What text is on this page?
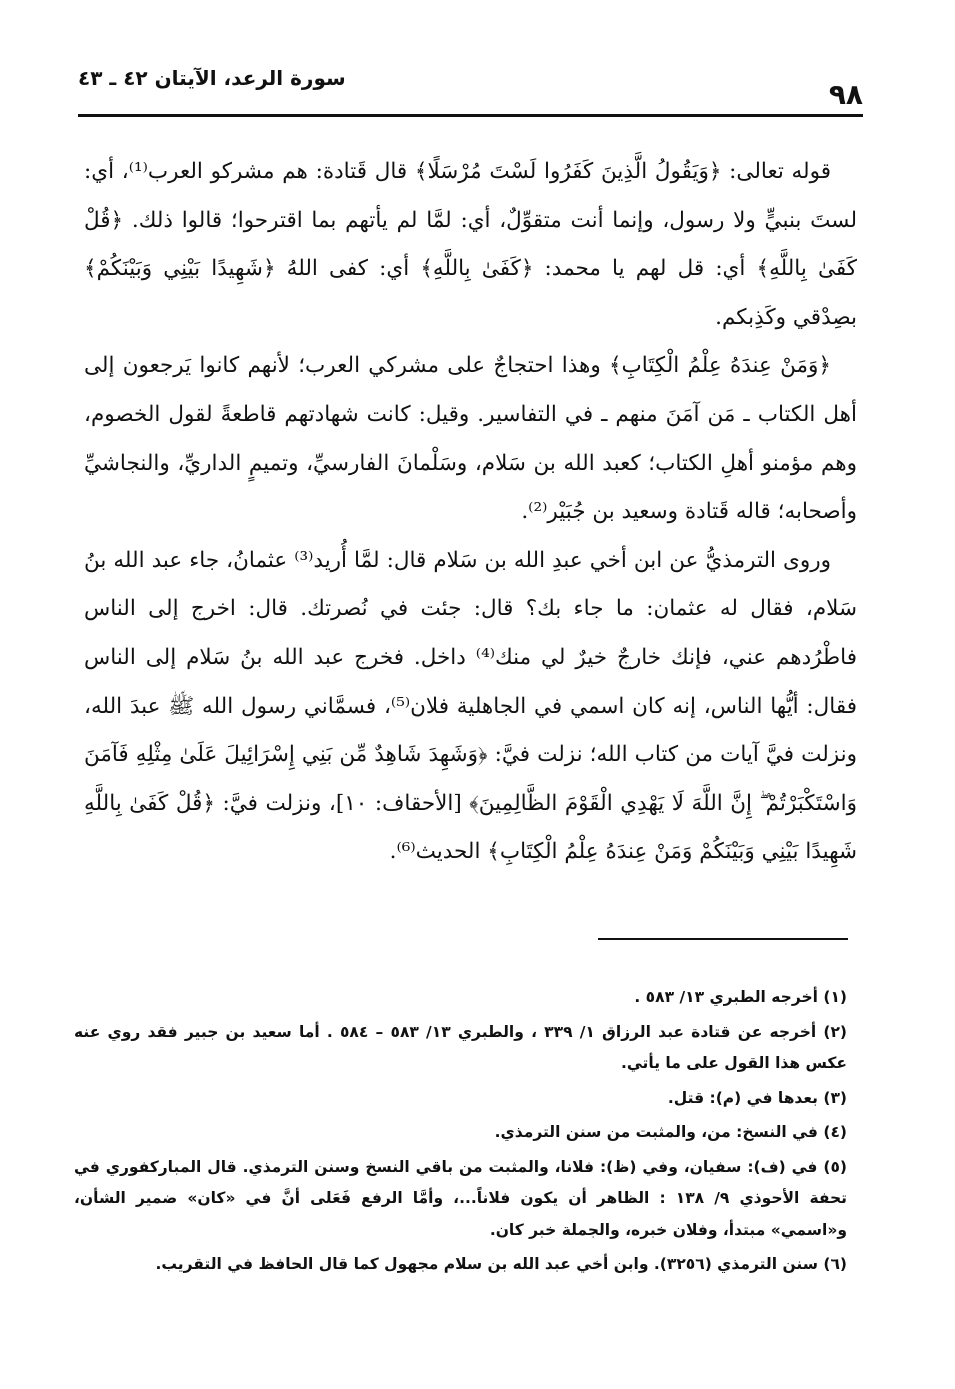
٩٨
سورة الرعد، الآيتان ٤٢ ـ ٤٣

قوله تعالى: ﴿وَيَقُولُ الَّذِينَ كَفَرُوا لَسْتَ مُرْسَلًا﴾ قال قَتادة: هم مشركو العرب⁽¹⁾، أي: لستَ بنبيٍّ ولا رسول، وإنما أنت متقوِّلٌ، أي: لمَّا لم يأتهم بما اقترحوا؛ قالوا ذلك. ﴿قُلْ كَفَىٰ بِاللَّهِ﴾ أي: قل لهم يا محمد: ﴿كَفَىٰ بِاللَّهِ﴾ أي: كفى اللهُ ﴿شَهِيدًا بَيْنِي وَبَيْنَكُمْ﴾ بصِدْقي وكَذِبكم.

﴿وَمَنْ عِندَهُ عِلْمُ الْكِتَابِ﴾ وهذا احتجاجٌ على مشركي العرب؛ لأنهم كانوا يَرجعون إلى أهل الكتاب ـ مَن آمَنَ منهم ـ في التفاسير. وقيل: كانت شهادتهم قاطعةً لقول الخصوم، وهم مؤمنو أهلِ الكتاب؛ كعبد الله بن سَلام، وسَلْمانَ الفارسيِّ، وتميمٍ الداريِّ، والنجاشيِّ وأصحابه؛ قاله قَتادة وسعيد بن جُبَيْر⁽²⁾.

وروى الترمذيُّ عن ابن أخي عبدِ الله بن سَلام قال: لمَّا أُريد⁽³⁾ عثمانُ، جاء عبد الله بنُ سَلام، فقال له عثمان: ما جاء بك؟ قال: جئت في نُصرتك. قال: اخرج إلى الناس فاطْرُدهم عني، فإنك خارجٌ خيرٌ لي منك⁽⁴⁾ داخل. فخرج عبد الله بنُ سَلام إلى الناس فقال: أيُّها الناس، إنه كان اسمي في الجاهلية فلان⁽⁵⁾، فسمَّاني رسول الله ﷺ عبدَ الله، ونزلت فيَّ آيات من كتاب الله؛ نزلت فيَّ: ﴿وَشَهِدَ شَاهِدٌ مِّن بَنِي إِسْرَائِيلَ عَلَىٰ مِثْلِهِ فَآمَنَ وَاسْتَكْبَرْتُمْ ۖ إِنَّ اللَّهَ لَا يَهْدِي الْقَوْمَ الظَّالِمِينَ﴾ [الأحقاف: ١٠]، ونزلت فيَّ: ﴿قُلْ كَفَىٰ بِاللَّهِ شَهِيدًا بَيْنِي وَبَيْنَكُمْ وَمَنْ عِندَهُ عِلْمُ الْكِتَابِ﴾ الحديث⁽⁶⁾.

(١) أخرجه الطبري ١٣/ ٥٨٣ .

(٢) أخرجه عن قتادة عبد الرزاق ١/ ٣٣٩ ، والطبري ١٣/ ٥٨٣ – ٥٨٤ . أما سعيد بن جبير فقد روي عنه عكس هذا القول على ما يأتي.

(٣) بعدها في (م): قتل.

(٤) في النسخ: من، والمثبت من سنن الترمذي.

(٥) في (ف): سفيان، وفي (ظ): فلانا، والمثبت من باقي النسخ وسنن الترمذي. قال المباركفوري في تحفة الأحوذي ٩/ ١٣٨ : الظاهر أن يكون فلاناً...، وأمَّا الرفع فَعَلى أنَّ في «كان» ضمير الشأن، و«اسمي» مبتدأ، وفلان خبره، والجملة خبر كان.

(٦) سنن الترمذي (٣٢٥٦). وابن أخي عبد الله بن سلام مجهول كما قال الحافظ في التقريب.
